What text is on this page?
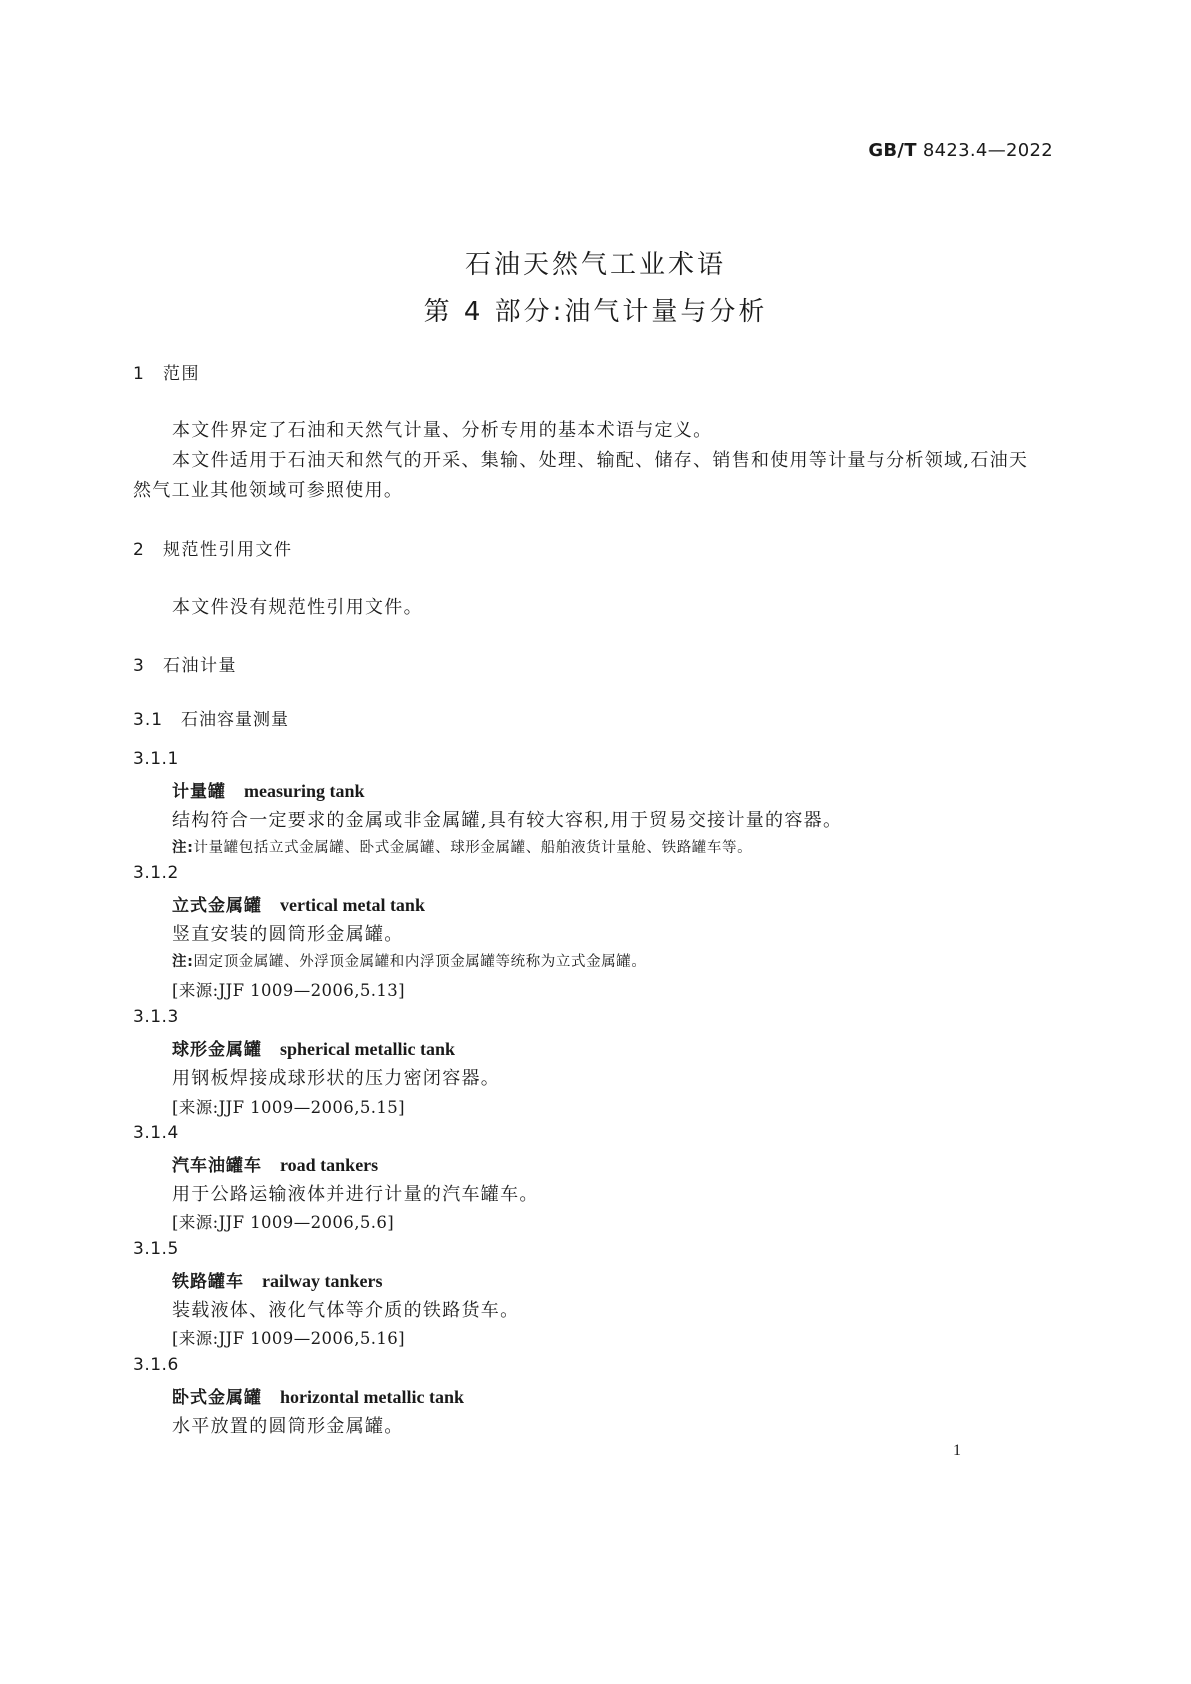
GB/T 8423.4—2022
石油天然气工业术语
第 4 部分:油气计量与分析
1 范围
本文件界定了石油和天然气计量、分析专用的基本术语与定义。
本文件适用于石油天和然气的开采、集输、处理、输配、储存、销售和使用等计量与分析领域,石油天
然气工业其他领域可参照使用。
2 规范性引用文件
本文件没有规范性引用文件。
3 石油计量
3.1 石油容量测量
3.1.1
计量罐 measuring tank
结构符合一定要求的金属或非金属罐,具有较大容积,用于贸易交接计量的容器。
注:计量罐包括立式金属罐、卧式金属罐、球形金属罐、船舶液货计量舱、铁路罐车等。
3.1.2
立式金属罐 vertical metal tank
竖直安装的圆筒形金属罐。
注:固定顶金属罐、外浮顶金属罐和内浮顶金属罐等统称为立式金属罐。
[来源:JJF 1009—2006,5.13]
3.1.3
球形金属罐 spherical metallic tank
用钢板焊接成球形状的压力密闭容器。
[来源:JJF 1009—2006,5.15]
3.1.4
汽车油罐车 road tankers
用于公路运输液体并进行计量的汽车罐车。
[来源:JJF 1009—2006,5.6]
3.1.5
铁路罐车 railway tankers
装载液体、液化气体等介质的铁路货车。
[来源:JJF 1009—2006,5.16]
3.1.6
卧式金属罐 horizontal metallic tank
水平放置的圆筒形金属罐。
1
